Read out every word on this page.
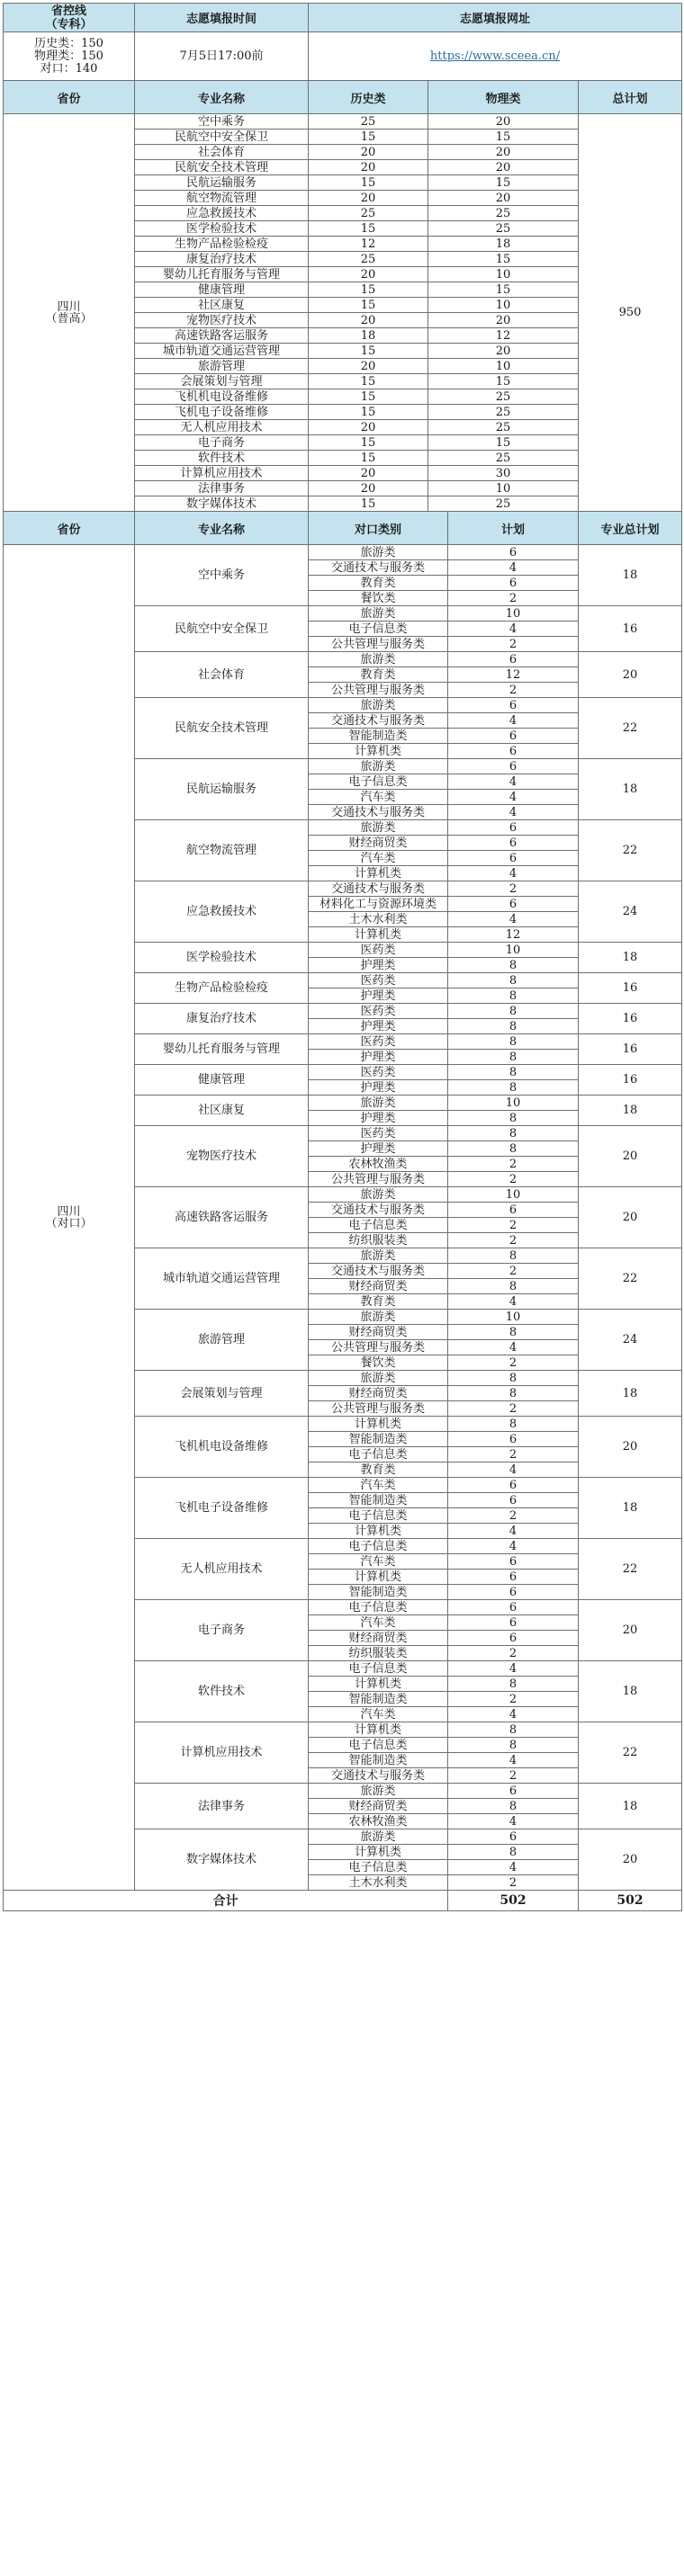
省控线
（专科）	志愿填报时间	志愿填报网址
历史类：150
物理类：150
对口：140	7月5日17:00前	https://www.sceea.cn/
省份	专业名称	历史类	物理类	总计划
四川
（普高）	空中乘务	25	20	950
	民航空中安全保卫	15	15	
	社会体育	20	20	
	民航安全技术管理	20	20	
	民航运输服务	15	15	
	航空物流管理	20	20	
	应急救援技术	25	25	
	医学检验技术	15	25	
	生物产品检验检疫	12	18	
	康复治疗技术	25	15	
	婴幼儿托育服务与管理	20	10	
	健康管理	15	15	
	社区康复	15	10	
	宠物医疗技术	20	20	
	高速铁路客运服务	18	12	
	城市轨道交通运营管理	15	20	
	旅游管理	20	10	
	会展策划与管理	15	15	
	飞机机电设备维修	15	25	
	飞机电子设备维修	15	25	
	无人机应用技术	20	25	
	电子商务	15	15	
	软件技术	15	25	
	计算机应用技术	20	30	
	法律事务	20	10	
	数字媒体技术	15	25	
省份	专业名称	对口类别	计划	专业总计划
四川
（对口）	空中乘务	旅游类	6	18
		交通技术与服务类	4	
		教育类	6	
		餐饮类	2	
	民航空中安全保卫	旅游类	10	16
		电子信息类	4	
		公共管理与服务类	2	
	社会体育	旅游类	6	20
		教育类	12	
		公共管理与服务类	2	
	民航安全技术管理	旅游类	6	22
		交通技术与服务类	4	
		智能制造类	6	
		计算机类	6	
	民航运输服务	旅游类	6	18
		电子信息类	4	
		汽车类	4	
		交通技术与服务类	4	
	航空物流管理	旅游类	6	22
		财经商贸类	6	
		汽车类	6	
		计算机类	4	
	应急救援技术	交通技术与服务类	2	24
		材料化工与资源环境类	6	
		土木水利类	4	
		计算机类	12	
	医学检验技术	医药类	10	18
		护理类	8	
	生物产品检验检疫	医药类	8	16
		护理类	8	
	康复治疗技术	医药类	8	16
		护理类	8	
	婴幼儿托育服务与管理	医药类	8	16
		护理类	8	
	健康管理	医药类	8	16
		护理类	8	
	社区康复	旅游类	10	18
		护理类	8	
	宠物医疗技术	医药类	8	20
		护理类	8	
		农林牧渔类	2	
		公共管理与服务类	2	
	高速铁路客运服务	旅游类	10	20
		交通技术与服务类	6	
		电子信息类	2	
		纺织服装类	2	
	城市轨道交通运营管理	旅游类	8	22
		交通技术与服务类	2	
		财经商贸类	8	
		教育类	4	
	旅游管理	旅游类	10	24
		财经商贸类	8	
		公共管理与服务类	4	
		餐饮类	2	
	会展策划与管理	旅游类	8	18
		财经商贸类	8	
		公共管理与服务类	2	
	飞机机电设备维修	计算机类	8	20
		智能制造类	6	
		电子信息类	2	
		教育类	4	
	飞机电子设备维修	汽车类	6	18
		智能制造类	6	
		电子信息类	2	
		计算机类	4	
	无人机应用技术	电子信息类	4	22
		汽车类	6	
		计算机类	6	
		智能制造类	6	
	电子商务	电子信息类	6	20
		汽车类	6	
		财经商贸类	6	
		纺织服装类	2	
	软件技术	电子信息类	4	18
		计算机类	8	
		智能制造类	2	
		汽车类	4	
	计算机应用技术	计算机类	8	22
		电子信息类	8	
		智能制造类	4	
		交通技术与服务类	2	
	法律事务	旅游类	6	18
		财经商贸类	8	
		农林牧渔类	4	
	数字媒体技术	旅游类	6	20
		计算机类	8	
		电子信息类	4	
		土木水利类	2	
合计			502	502
